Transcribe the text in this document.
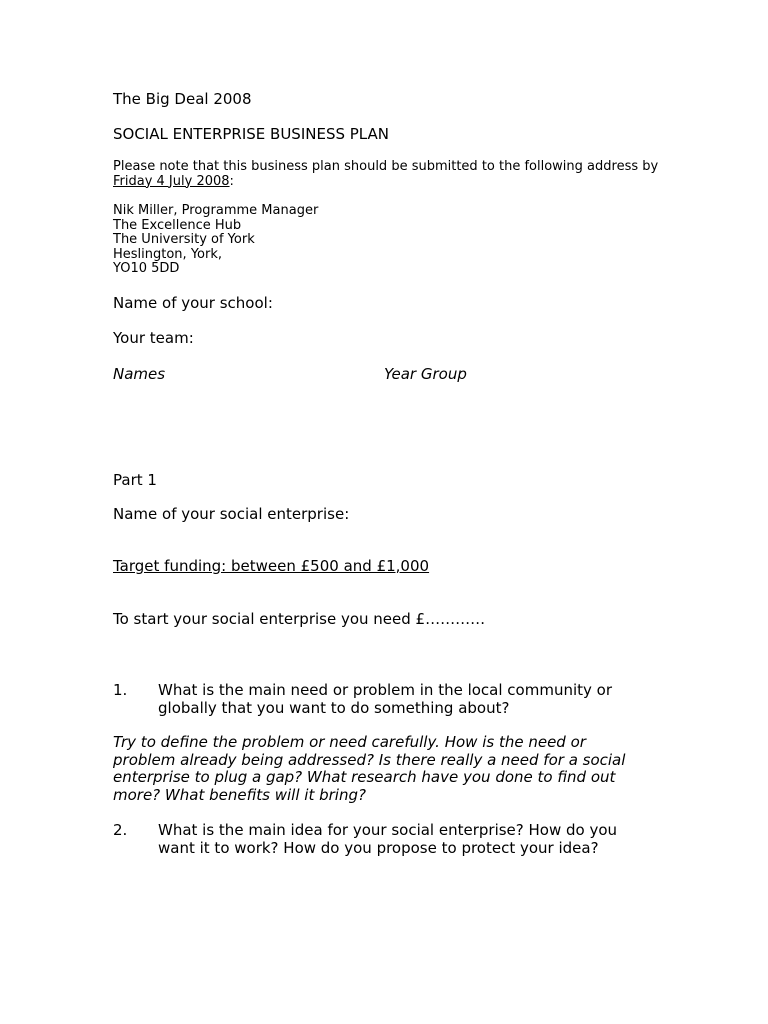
The Big Deal 2008
SOCIAL ENTERPRISE BUSINESS PLAN
Please note that this business plan should be submitted to the following address by
Friday 4 July 2008:
Nik Miller, Programme Manager
The Excellence Hub
The University of York
Heslington, York,
YO10 5DD
Name of your school:
Your team:
Names	Year Group
Part 1
Name of your social enterprise:
Target funding: between £500 and £1,000
To start your social enterprise you need £…………
1. What is the main need or problem in the local community or
globally that you want to do something about?
Try to define the problem or need carefully. How is the need or
problem already being addressed? Is there really a need for a social
enterprise to plug a gap? What research have you done to find out
more? What benefits will it bring?
2. What is the main idea for your social enterprise? How do you
want it to work? How do you propose to protect your idea?
